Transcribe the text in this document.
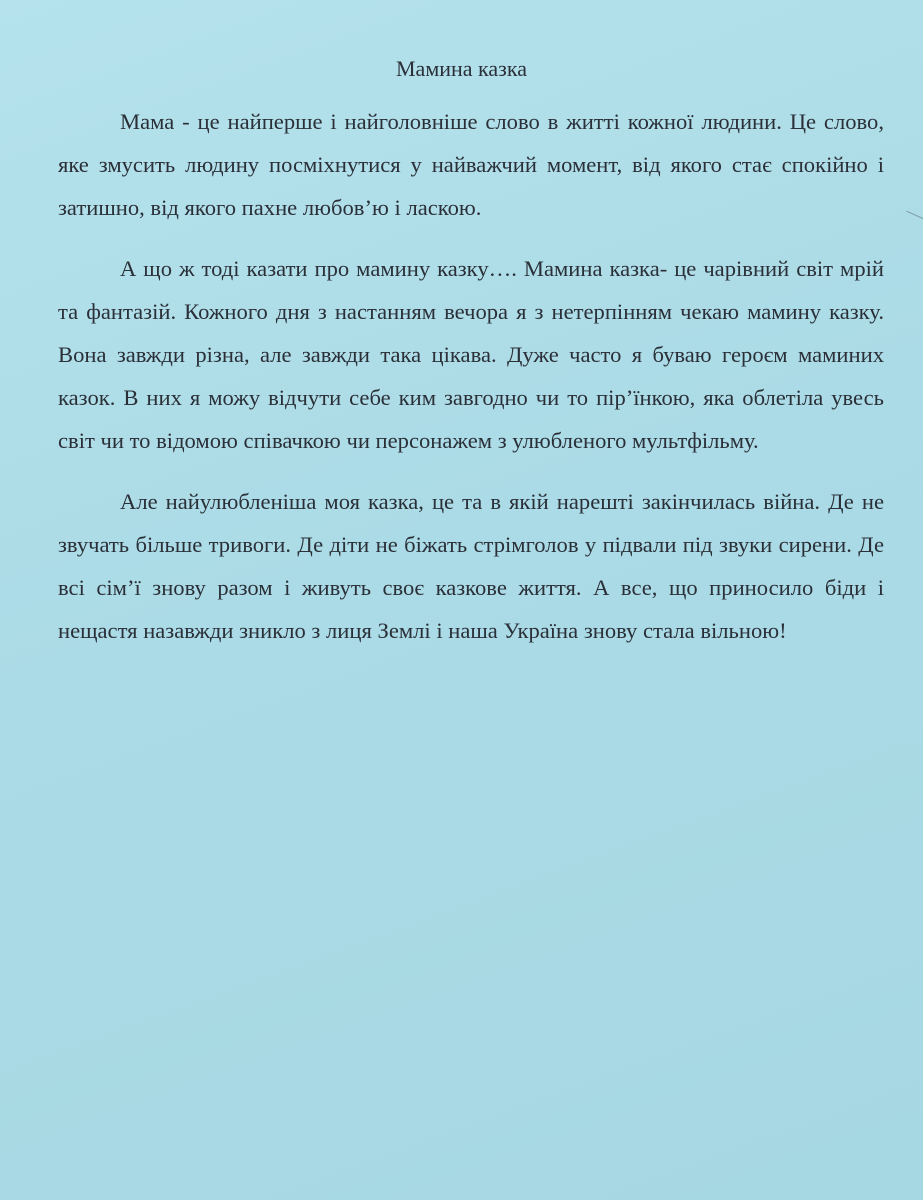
Мамина казка

Мама - це найперше і найголовніше слово в житті кожної людини. Це слово, яке змусить людину посміхнутися у найважчий момент, від якого стає спокійно і затишно, від якого пахне любов’ю і ласкою.

А що ж тоді казати про мамину казку…. Мамина казка- це чарівний світ мрій та фантазій. Кожного дня з настанням вечора я з нетерпінням чекаю мамину казку. Вона завжди різна, але завжди така цікава. Дуже часто я буваю героєм маминих казок. В них я можу відчути себе ким завгодно чи то пір’їнкою, яка облетіла увесь світ чи то відомою співачкою чи персонажем з улюбленого мультфільму.

Але найулюбленіша моя казка, це та в якій нарешті закінчилась війна. Де не звучать більше тривоги. Де діти не біжать стрімголов у підвали під звуки сирени. Де всі сім’ї знову разом і живуть своє казкове життя. А все, що приносило біди і нещастя назавжди зникло з лиця Землі і наша Україна знову стала вільною!
